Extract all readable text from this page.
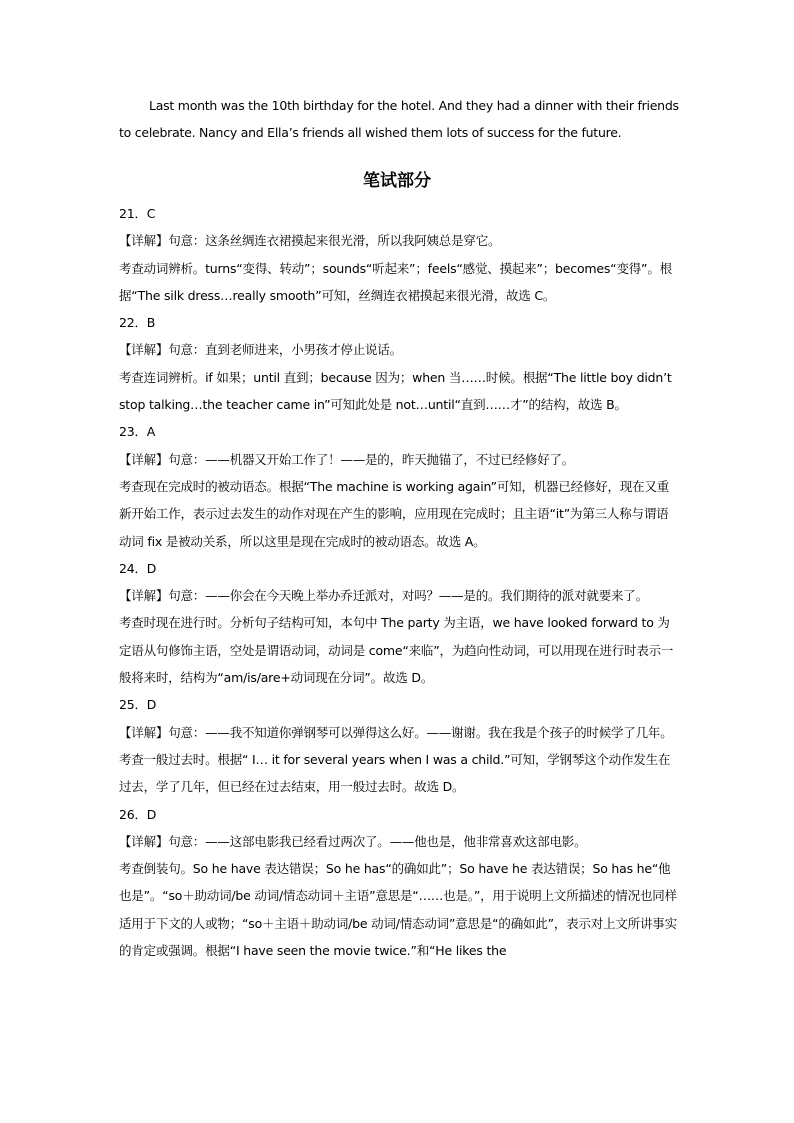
Last month was the 10th birthday for the hotel. And they had a dinner with their friends to celebrate. Nancy and Ella’s friends all wished them lots of success for the future.

笔试部分

21．C

【详解】句意：这条丝绸连衣裙摸起来很光滑，所以我阿姨总是穿它。

考查动词辨析。turns“变得、转动”；sounds“听起来”；feels“感觉、摸起来”；becomes“变得”。根据“The silk dress…really smooth”可知，丝绸连衣裙摸起来很光滑，故选 C。

22．B

【详解】句意：直到老师进来，小男孩才停止说话。

考查连词辨析。if 如果；until 直到；because 因为；when 当……时候。根据“The little boy didn’t stop talking…the teacher came in”可知此处是 not…until“直到……才”的结构，故选 B。

23．A

【详解】句意：——机器又开始工作了！——是的，昨天抛锚了，不过已经修好了。

考查现在完成时的被动语态。根据“The machine is working again”可知，机器已经修好，现在又重新开始工作，表示过去发生的动作对现在产生的影响，应用现在完成时；且主语“it”为第三人称与谓语动词 fix 是被动关系，所以这里是现在完成时的被动语态。故选 A。

24．D

【详解】句意：——你会在今天晚上举办乔迁派对，对吗？——是的。我们期待的派对就要来了。

考查时现在进行时。分析句子结构可知，本句中 The party 为主语，we have looked forward to 为定语从句修饰主语，空处是谓语动词，动词是 come“来临”，为趋向性动词，可以用现在进行时表示一般将来时，结构为“am/is/are+动词现在分词”。故选 D。

25．D

【详解】句意：——我不知道你弹钢琴可以弹得这么好。——谢谢。我在我是个孩子的时候学了几年。

考查一般过去时。根据“ I… it for several years when I was a child.”可知，学钢琴这个动作发生在过去，学了几年，但已经在过去结束，用一般过去时。故选 D。

26．D

【详解】句意：——这部电影我已经看过两次了。——他也是，他非常喜欢这部电影。

考查倒装句。So he have 表达错误；So he has“的确如此”；So have he 表达错误；So has he“他也是”。“so＋助动词/be 动词/情态动词＋主语”意思是“……也是。”，用于说明上文所描述的情况也同样适用于下文的人或物；“so＋主语＋助动词/be 动词/情态动词”意思是“的确如此”，表示对上文所讲事实的肯定或强调。根据“I have seen the movie twice.”和“He likes the
